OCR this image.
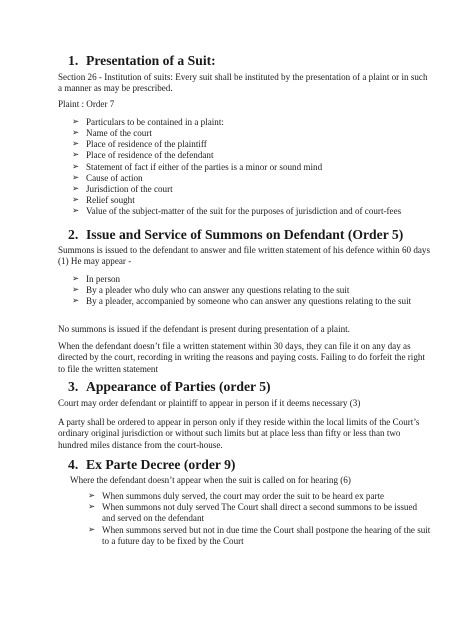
1. Presentation of a Suit:

Section 26 - Institution of suits: Every suit shall be instituted by the presentation of a plaint or in such a manner as may be prescribed.

Plaint : Order 7

➢ Particulars to be contained in a plaint:
➢ Name of the court
➢ Place of residence of the plaintiff
➢ Place of residence of the defendant
➢ Statement of fact if either of the parties is a minor or sound mind
➢ Cause of action
➢ Jurisdiction of the court
➢ Relief sought
➢ Value of the subject-matter of the suit for the purposes of jurisdiction and of court-fees
2. Issue and Service of Summons on Defendant (Order 5)

Summons is issued to the defendant to answer and file written statement of his defence within 60 days (1) He may appear -

➢ In person
➢ By a pleader who duly who can answer any questions relating to the suit
➢ By a pleader, accompanied by someone who can answer any questions relating to the suit

No summons is issued if the defendant is present during presentation of a plaint.

When the defendant doesn’t file a written statement within 30 days, they can file it on any day as directed by the court, recording in writing the reasons and paying costs. Failing to do forfeit the right to file the written statement

3. Appearance of Parties (order 5)

Court may order defendant or plaintiff to appear in person if it deems necessary (3)

A party shall be ordered to appear in person only if they reside within the local limits of the Court’s ordinary original jurisdiction or without such limits but at place less than fifty or less than two hundred miles distance from the court-house.

4. Ex Parte Decree (order 9)

Where the defendant doesn’t appear when the suit is called on for hearing (6)

➢ When summons duly served, the court may order the suit to be heard ex parte
➢ When summons not duly served The Court shall direct a second summons to be issued and served on the defendant
➢ When summons served but not in due time the Court shall postpone the hearing of the suit to a future day to be fixed by the Court
